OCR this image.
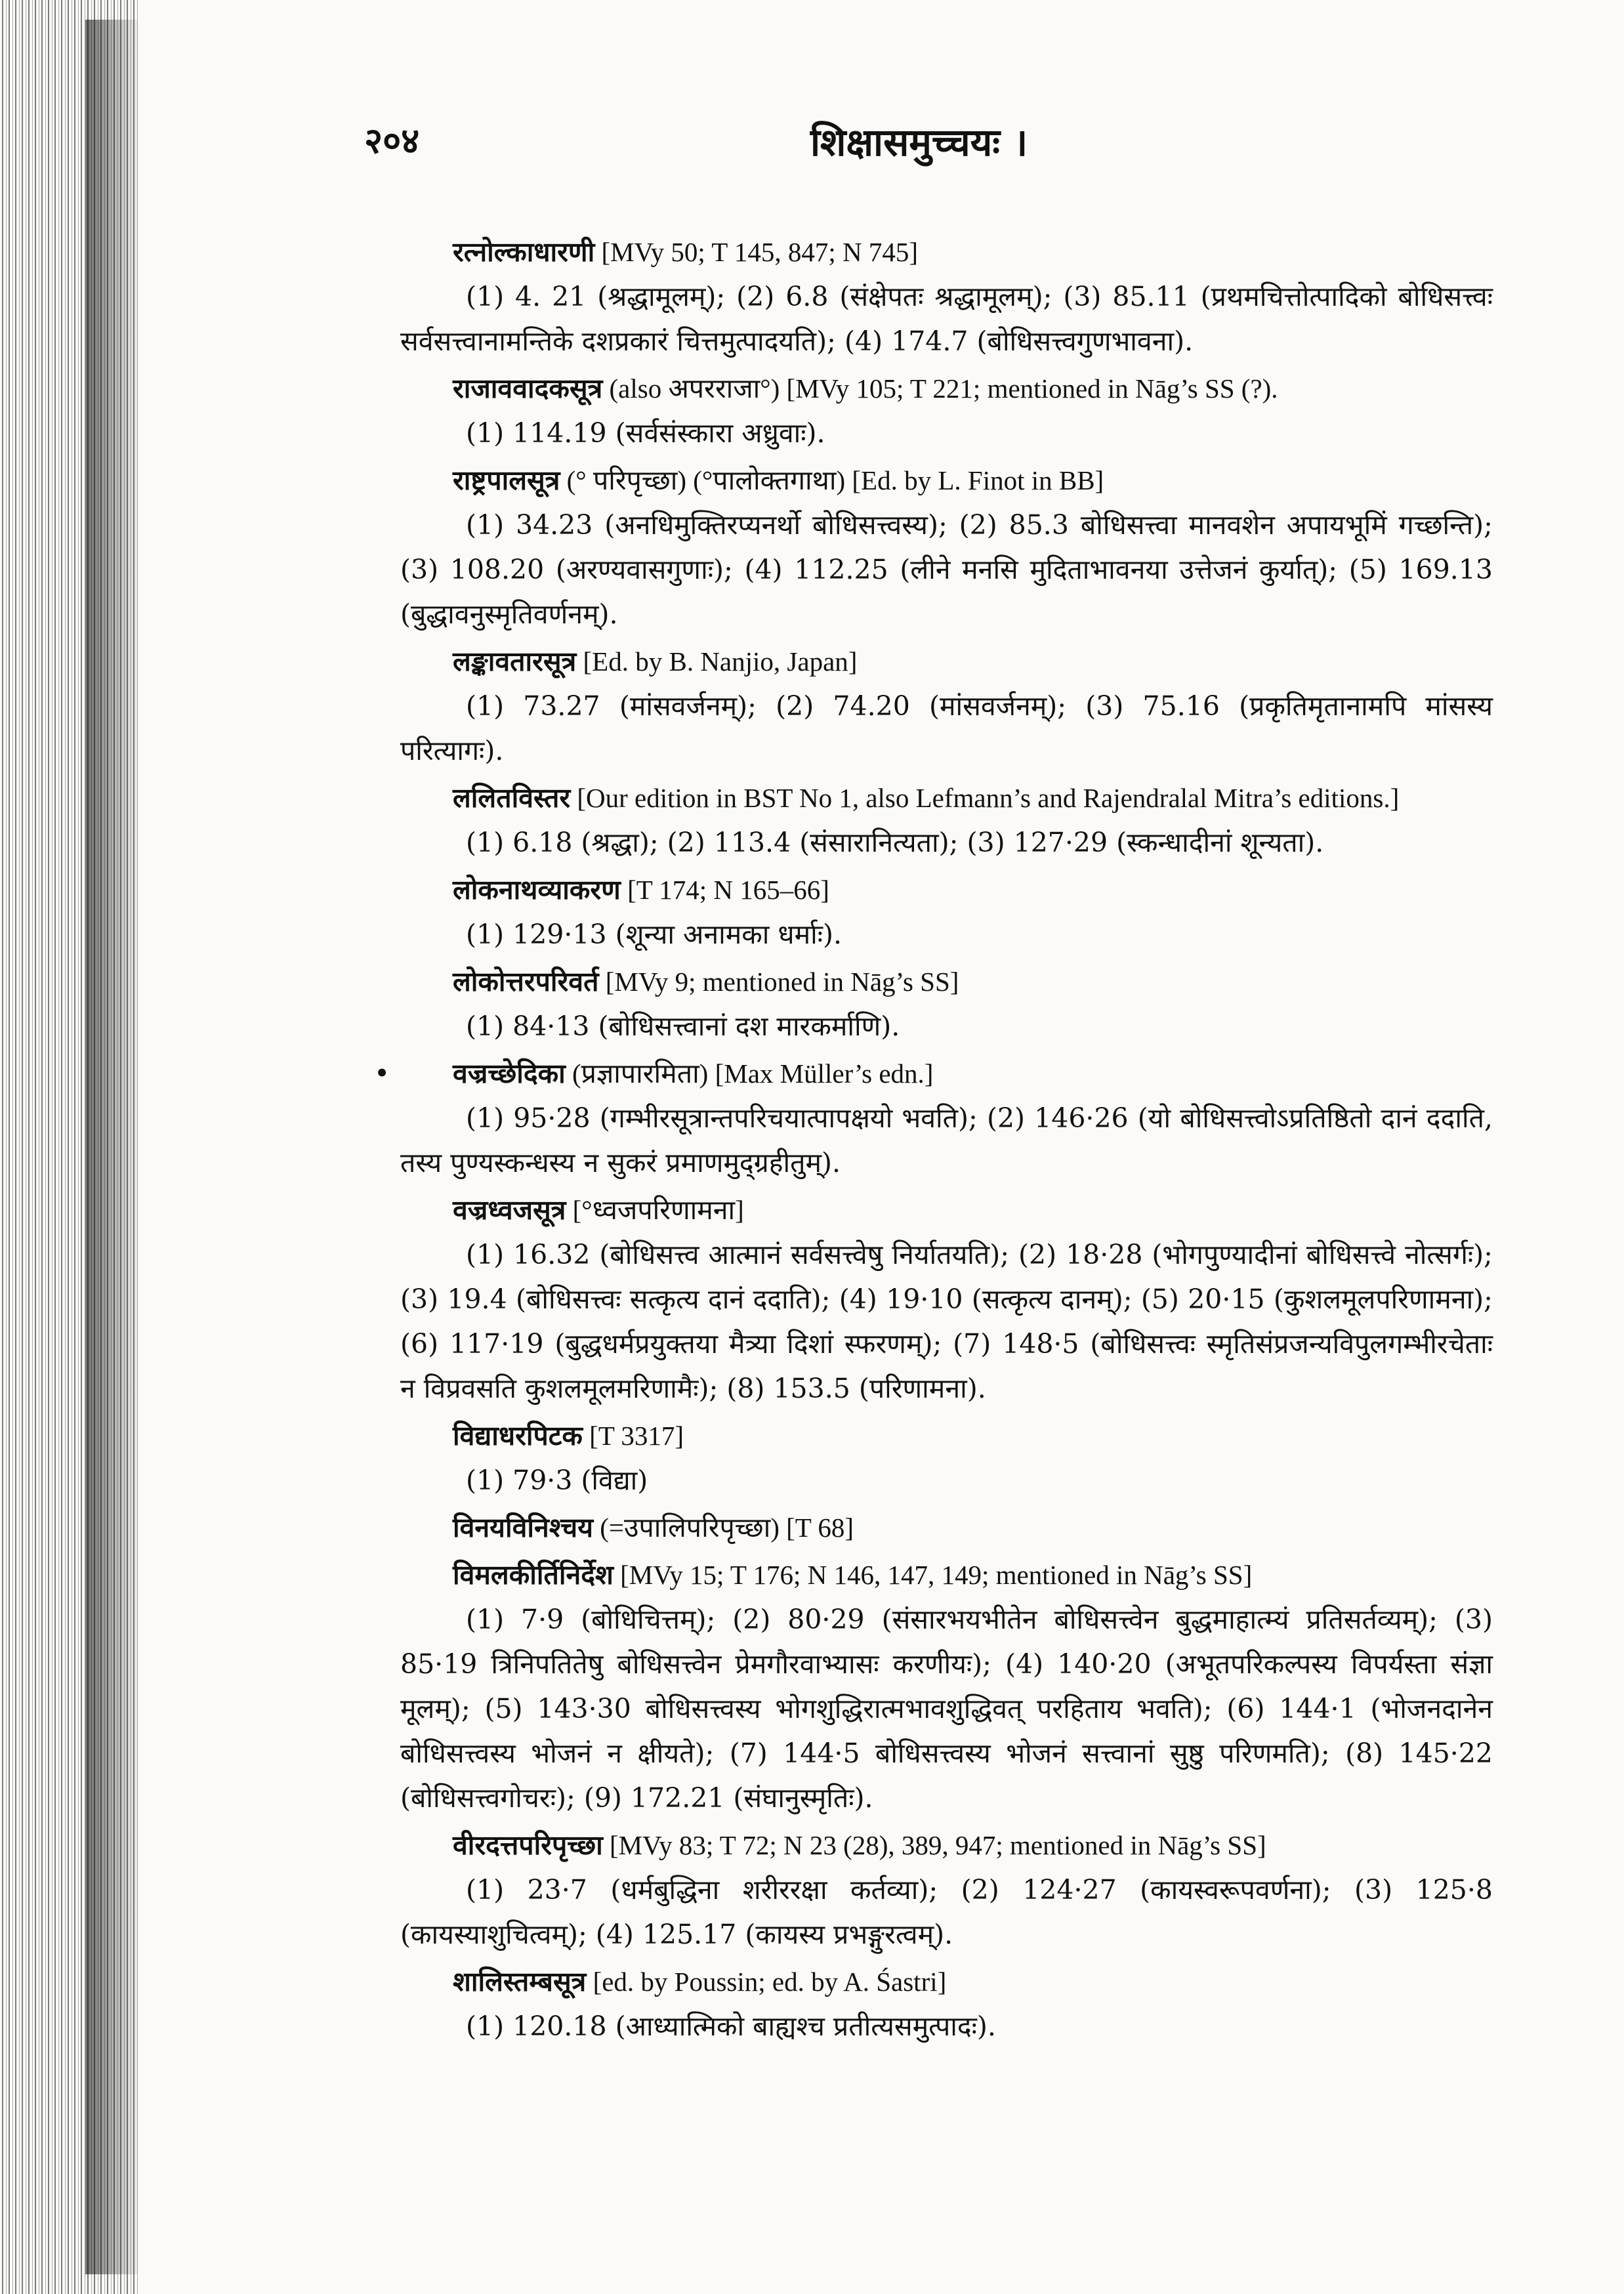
२०४	शिक्षासमुच्चयः ।
रत्नोल्काधारणी [MVy 50; T 145, 847; N 745]
(1) 4. 21 (श्रद्धामूलम्); (2) 6.8 (संक्षेपतः श्रद्धामूलम्); (3) 85.11 (प्रथमचित्तोत्पादिको बोधिसत्त्वः सर्वसत्त्वानामन्तिके दशप्रकारं चित्तमुत्पादयति); (4) 174.7 (बोधिसत्त्वगुणभावना).
राजाववादकसूत्र (also अपरराजा°) [MVy 105; T 221; mentioned in Nāg’s SS (?).
(1) 114.19 (सर्वसंस्कारा अध्रुवाः).
राष्ट्रपालसूत्र (° परिपृच्छा) (°पालोक्तगाथा) [Ed. by L. Finot in BB]
(1) 34.23 (अनधिमुक्तिरप्यनर्थो बोधिसत्त्वस्य); (2) 85.3 बोधिसत्त्वा मानवशेन अपायभूमिं गच्छन्ति); (3) 108.20 (अरण्यवासगुणाः); (4) 112.25 (लीने मनसि मुदिताभावनया उत्तेजनं कुर्यात्); (5) 169.13 (बुद्धावनुस्मृतिवर्णनम्).
लङ्कावतारसूत्र [Ed. by B. Nanjio, Japan]
(1) 73.27 (मांसवर्जनम्); (2) 74.20 (मांसवर्जनम्); (3) 75.16 (प्रकृतिमृतानामपि मांसस्य परित्यागः).
ललितविस्तर [Our edition in BST No 1, also Lefmann’s and Rajendralal Mitra’s editions.]
(1) 6.18 (श्रद्धा); (2) 113.4 (संसारानित्यता); (3) 127·29 (स्कन्धादीनां शून्यता).
लोकनाथव्याकरण [T 174; N 165–66]
(1) 129·13 (शून्या अनामका धर्माः).
लोकोत्तरपरिवर्त [MVy 9; mentioned in Nāg’s SS]
(1) 84·13 (बोधिसत्त्वानां दश मारकर्माणि).
•	वज्रच्छेदिका (प्रज्ञापारमिता) [Max Müller’s edn.]
(1) 95·28 (गम्भीरसूत्रान्तपरिचयात्पापक्षयो भवति); (2) 146·26 (यो बोधिसत्त्वोऽप्रतिष्ठितो दानं ददाति, तस्य पुण्यस्कन्धस्य न सुकरं प्रमाणमुद्ग्रहीतुम्).
वज्रध्वजसूत्र [°ध्वजपरिणामना]
(1) 16.32 (बोधिसत्त्व आत्मानं सर्वसत्त्वेषु निर्यातयति); (2) 18·28 (भोगपुण्यादीनां बोधिसत्त्वे नोत्सर्गः); (3) 19.4 (बोधिसत्त्वः सत्कृत्य दानं ददाति); (4) 19·10 (सत्कृत्य दानम्); (5) 20·15 (कुशलमूलपरिणामना); (6) 117·19 (बुद्धधर्मप्रयुक्तया मैत्र्या दिशां स्फरणम्); (7) 148·5 (बोधिसत्त्वः स्मृतिसंप्रजन्यविपुलगम्भीरचेताः न विप्रवसति कुशलमूलमरिणामैः); (8) 153.5 (परिणामना).
विद्याधरपिटक [T 3317]
(1) 79·3 (विद्या)
विनयविनिश्चय (=उपालिपरिपृच्छा) [T 68]
विमलकीर्तिनिर्देश [MVy 15; T 176; N 146, 147, 149; mentioned in Nāg’s SS]
(1) 7·9 (बोधिचित्तम्); (2) 80·29 (संसारभयभीतेन बोधिसत्त्वेन बुद्धमाहात्म्यं प्रतिसर्तव्यम्); (3) 85·19 त्रिनिपतितेषु बोधिसत्त्वेन प्रेमगौरवाभ्यासः करणीयः); (4) 140·20 (अभूतपरिकल्पस्य विपर्यस्ता संज्ञा मूलम्); (5) 143·30 बोधिसत्त्वस्य भोगशुद्धिरात्मभावशुद्धिवत् परहिताय भवति); (6) 144·1 (भोजनदानेन बोधिसत्त्वस्य भोजनं न क्षीयते); (7) 144·5 बोधिसत्त्वस्य भोजनं सत्त्वानां सुष्ठु परिणमति); (8) 145·22 (बोधिसत्त्वगोचरः); (9) 172.21 (संघानुस्मृतिः).
वीरदत्तपरिपृच्छा [MVy 83; T 72; N 23 (28), 389, 947; mentioned in Nāg’s SS]
(1) 23·7 (धर्मबुद्धिना शरीररक्षा कर्तव्या); (2) 124·27 (कायस्वरूपवर्णना); (3) 125·8 (कायस्याशुचित्वम्); (4) 125.17 (कायस्य प्रभङ्गुरत्वम्).
शालिस्तम्बसूत्र [ed. by Poussin; ed. by A. Śastri]
(1) 120.18 (आध्यात्मिको बाह्यश्च प्रतीत्यसमुत्पादः).
